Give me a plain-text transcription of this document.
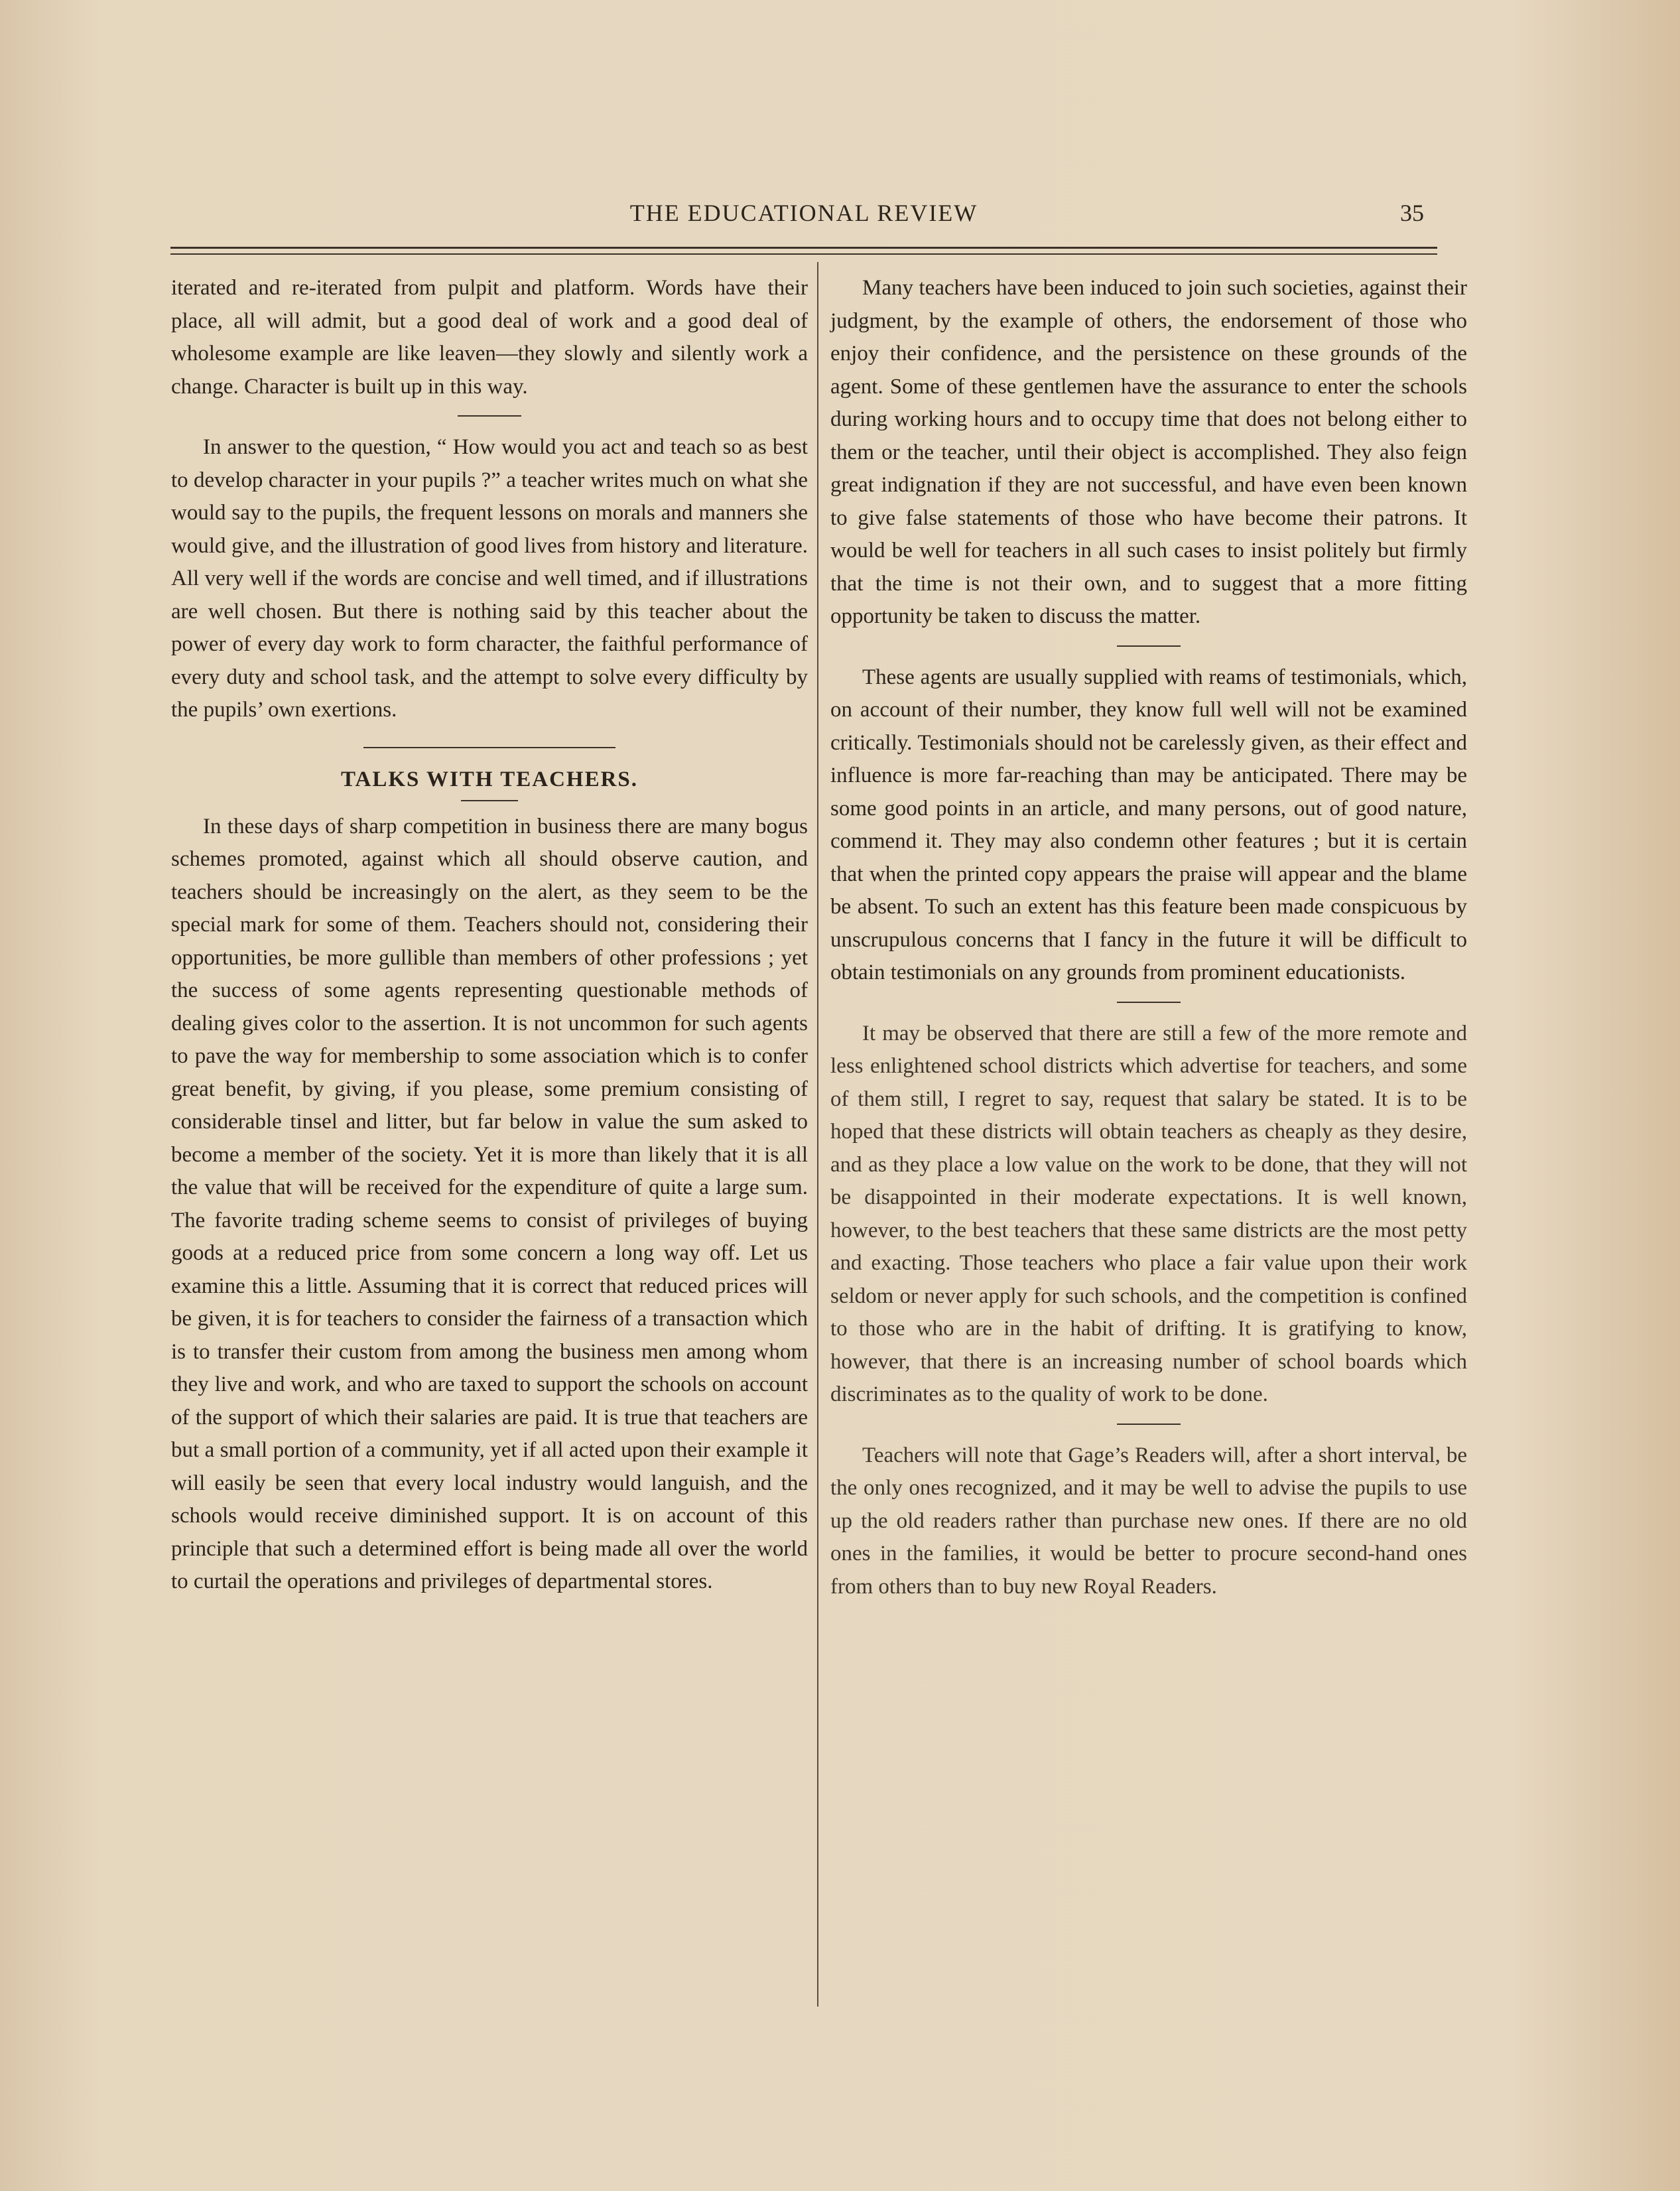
THE EDUCATIONAL REVIEW	35

iterated and re-iterated from pulpit and platform. Words have their place, all will admit, but a good deal of work and a good deal of wholesome example are like leaven—they slowly and silently work a change. Character is built up in this way.

In answer to the question, “ How would you act and teach so as best to develop character in your pupils ?” a teacher writes much on what she would say to the pupils, the frequent lessons on morals and manners she would give, and the illustration of good lives from history and literature. All very well if the words are concise and well timed, and if illustrations are well chosen. But there is nothing said by this teacher about the power of every day work to form character, the faithful performance of every duty and school task, and the attempt to solve every difficulty by the pupils’ own exertions.

TALKS WITH TEACHERS.

In these days of sharp competition in business there are many bogus schemes promoted, against which all should observe caution, and teachers should be increasingly on the alert, as they seem to be the special mark for some of them. Teachers should not, considering their opportunities, be more gullible than members of other professions ; yet the success of some agents representing questionable methods of dealing gives color to the assertion. It is not uncommon for such agents to pave the way for membership to some association which is to confer great benefit, by giving, if you please, some premium consisting of considerable tinsel and litter, but far below in value the sum asked to become a member of the society. Yet it is more than likely that it is all the value that will be received for the expenditure of quite a large sum. The favorite trading scheme seems to consist of privileges of buying goods at a reduced price from some concern a long way off. Let us examine this a little. Assuming that it is correct that reduced prices will be given, it is for teachers to consider the fairness of a transaction which is to transfer their custom from among the business men among whom they live and work, and who are taxed to support the schools on account of the support of which their salaries are paid. It is true that teachers are but a small portion of a community, yet if all acted upon their example it will easily be seen that every local industry would languish, and the schools would receive diminished support. It is on account of this principle that such a determined effort is being made all over the world to curtail the operations and privileges of departmental stores.

Many teachers have been induced to join such societies, against their judgment, by the example of others, the endorsement of those who enjoy their confidence, and the persistence on these grounds of the agent. Some of these gentlemen have the assurance to enter the schools during working hours and to occupy time that does not belong either to them or the teacher, until their object is accomplished. They also feign great indignation if they are not successful, and have even been known to give false statements of those who have become their patrons. It would be well for teachers in all such cases to insist politely but firmly that the time is not their own, and to suggest that a more fitting opportunity be taken to discuss the matter.

These agents are usually supplied with reams of testimonials, which, on account of their number, they know full well will not be examined critically. Testimonials should not be carelessly given, as their effect and influence is more far-reaching than may be anticipated. There may be some good points in an article, and many persons, out of good nature, commend it. They may also condemn other features ; but it is certain that when the printed copy appears the praise will appear and the blame be absent. To such an extent has this feature been made conspicuous by unscrupulous concerns that I fancy in the future it will be difficult to obtain testimonials on any grounds from prominent educationists.

It may be observed that there are still a few of the more remote and less enlightened school districts which advertise for teachers, and some of them still, I regret to say, request that salary be stated. It is to be hoped that these districts will obtain teachers as cheaply as they desire, and as they place a low value on the work to be done, that they will not be disappointed in their moderate expectations. It is well known, however, to the best teachers that these same districts are the most petty and exacting. Those teachers who place a fair value upon their work seldom or never apply for such schools, and the competition is confined to those who are in the habit of drifting. It is gratifying to know, however, that there is an increasing number of school boards which discriminates as to the quality of work to be done.

Teachers will note that Gage’s Readers will, after a short interval, be the only ones recognized, and it may be well to advise the pupils to use up the old readers rather than purchase new ones. If there are no old ones in the families, it would be better to procure second-hand ones from others than to buy new Royal Readers.
